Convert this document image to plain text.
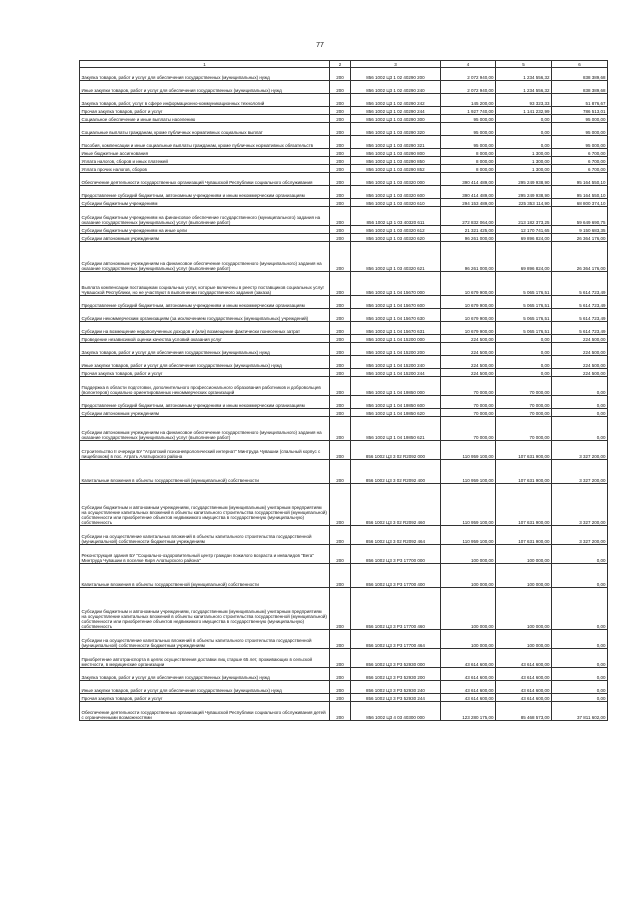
77
1	2	3	4	5	6
Закупка товаров, работ и услуг для обеспечения государственных (муниципальных) нужд	200	856 1002 Ц3 1 02 40290 200	2 072 940,00	1 234 556,32	838 389,68
Иные закупки товаров, работ и услуг для обеспечения государственных (муниципальных) нужд	200	856 1002 Ц3 1 02 40290 240	2 072 940,00	1 234 556,32	838 389,68
Закупка товаров, работ, услуг в сфере информационно-коммуникационных технологий	200	856 1002 Ц3 1 02 40290 242	145 200,00	93 323,33	51 876,67
Прочая закупка товаров, работ и услуг	200	856 1002 Ц3 1 02 40290 244	1 927 740,00	1 141 232,99	786 513,01
Социальное обеспечение и иные выплаты населению	200	856 1002 Ц3 1 03 40290 300	95 000,00	0,00	95 000,00
Социальные выплаты гражданам, кроме публичных нормативных социальных выплат	200	856 1002 Ц3 1 03 40290 320	95 000,00	0,00	95 000,00
Пособия, компенсации и иные социальные выплаты гражданам, кроме публичных нормативных обязательств	200	856 1002 Ц3 1 03 40290 321	95 000,00	0,00	95 000,00
Иные бюджетные ассигнования	200	856 1002 Ц3 1 03 40290 800	8 000,00	1 300,00	6 700,00
Уплата налогов, сборов и иных платежей	200	856 1002 Ц3 1 03 40290 850	8 000,00	1 300,00	6 700,00
Уплата прочих налогов, сборов	200	856 1002 Ц3 1 03 40290 852	8 000,00	1 300,00	6 700,00
Обеспечение деятельности государственных организаций Чувашской Республики социального обслуживания	200	856 1002 Ц3 1 03 40320 000	390 414 489,00	295 249 938,90	95 164 550,10
Предоставление субсидий бюджетным, автономным учреждениям и иным некоммерческим организациям	200	856 1002 Ц3 1 03 40320 600	390 414 489,00	295 249 938,90	95 164 550,10
Субсидии бюджетным учреждениям	200	856 1002 Ц3 1 03 40320 610	294 153 489,00	225 353 114,90	68 800 374,10
Субсидии бюджетным учреждениям на финансовое обеспечение государственного (муниципального) задания на оказание государственных (муниципальных) услуг (выполнение работ)	200	856 1002 Ц3 1 03 40320 611	272 832 064,00	213 182 373,25	59 649 690,75
Субсидии бюджетным учреждениям на иные цели	200	856 1002 Ц3 1 03 40320 612	21 321 425,00	12 170 741,65	9 150 683,35
Субсидии автономным учреждениям	200	856 1002 Ц3 1 03 40320 620	96 261 000,00	69 896 824,00	26 364 176,00
Субсидии автономным учреждениям на финансовое обеспечение государственного (муниципального) задания на оказание государственных (муниципальных) услуг (выполнение работ)	200	856 1002 Ц3 1 03 40320 621	96 261 000,00	69 896 824,00	26 364 176,00
Выплата компенсации поставщикам социальных услуг, которые включены в реестр поставщиков социальных услуг Чувашской Республики, но не участвуют в выполнении государственного задания (заказа)	200	856 1002 Ц3 1 04 15670 000	10 679 900,00	5 065 176,51	5 614 723,49
Предоставление субсидий бюджетным, автономным учреждениям и иным некоммерческим организациям	200	856 1002 Ц3 1 04 15670 600	10 679 900,00	5 065 176,51	5 614 723,49
Субсидии некоммерческим организациям (за исключением государственных (муниципальных) учреждений)	200	856 1002 Ц3 1 04 15670 630	10 679 900,00	5 065 176,51	5 614 723,49
Субсидии на возмещение недополученных доходов и (или) возмещение фактически понесенных затрат	200	856 1002 Ц3 1 04 15670 631	10 679 900,00	5 065 176,51	5 614 723,49
Проведение независимой оценки качества условий оказания услуг	200	856 1002 Ц3 1 04 15200 000	224 500,00	0,00	224 500,00
Закупка товаров, работ и услуг для обеспечения государственных (муниципальных) нужд	200	856 1002 Ц3 1 04 15200 200	224 500,00	0,00	224 500,00
Иные закупки товаров, работ и услуг для обеспечения государственных (муниципальных) нужд	200	856 1002 Ц3 1 04 15200 240	224 500,00	0,00	224 500,00
Прочая закупка товаров, работ и услуг	200	856 1002 Ц3 1 04 15200 244	224 500,00	0,00	224 500,00
Поддержка в области подготовки, дополнительного профессионального образования работников и добровольцев (волонтеров) социально ориентированных некоммерческих организаций	200	856 1002 Ц3 1 04 19850 000	70 000,00	70 000,00	0,00
Предоставление субсидий бюджетным, автономным учреждениям и иным некоммерческим организациям	200	856 1002 Ц3 1 04 19850 600	70 000,00	70 000,00	0,00
Субсидии автономным учреждениям	200	856 1002 Ц3 1 04 19850 620	70 000,00	70 000,00	0,00
Субсидии автономным учреждениям на финансовое обеспечение государственного (муниципального) задания на оказание государственных (муниципальных) услуг (выполнение работ)	200	856 1002 Ц3 1 04 19850 621	70 000,00	70 000,00	0,00
Строительство II очереди БУ "Атратский психоневрологический интернат" Минтруда Чувашии (спальный корпус с пищеблоком) в пос. Атрать Алатырского района	200	856 1002 Ц3 3 02 R2092 000	110 959 100,00	107 631 900,00	3 327 200,00
Капитальные вложения в объекты государственной (муниципальной) собственности	200	856 1002 Ц3 3 02 R2092 400	110 959 100,00	107 631 900,00	3 327 200,00
Субсидии бюджетным и автономным учреждениям, государственным (муниципальным) унитарным предприятиям на осуществление капитальных вложений в объекты капитального строительства государственной (муниципальной) собственности или приобретение объектов недвижимого имущества в государственную (муниципальную) собственность	200	856 1002 Ц3 3 02 R2092 460	110 959 100,00	107 631 900,00	3 327 200,00
Субсидии на осуществление капитальных вложений в объекты капитального строительства государственной (муниципальной) собственности бюджетным учреждениям	200	856 1002 Ц3 3 02 R2092 464	110 959 100,00	107 631 900,00	3 327 200,00
Реконструкция здания БУ "Социально-оздоровительный центр граждан пожилого возраста и инвалидов "Вега" Минтруда Чувашии в поселке Киря Алатырского района"	200	856 1002 Ц3 3 P3 17700 000	100 000,00	100 000,00	0,00
Капитальные вложения в объекты государственной (муниципальной) собственности	200	856 1002 Ц3 3 P3 17700 400	100 000,00	100 000,00	0,00
Субсидии бюджетным и автономным учреждениям, государственным (муниципальным) унитарным предприятиям на осуществление капитальных вложений в объекты капитального строительства государственной (муниципальной) собственности или приобретение объектов недвижимого имущества в государственную (муниципальную) собственность	200	856 1002 Ц3 3 P3 17700 460	100 000,00	100 000,00	0,00
Субсидии на осуществление капитальных вложений в объекты капитального строительства государственной (муниципальной) собственности бюджетным учреждениям	200	856 1002 Ц3 3 P3 17700 464	100 000,00	100 000,00	0,00
Приобретение автотранспорта в целях осуществления доставки лиц старше 65 лет, проживающих в сельской местности, в медицинские организации	200	856 1002 Ц3 3 P3 52930 000	43 614 600,00	43 614 600,00	0,00
Закупка товаров, работ и услуг для обеспечения государственных (муниципальных) нужд	200	856 1002 Ц3 3 P3 52930 200	43 614 600,00	43 614 600,00	0,00
Иные закупки товаров, работ и услуг для обеспечения государственных (муниципальных) нужд	200	856 1002 Ц3 3 P3 52930 240	43 614 600,00	43 614 600,00	0,00
Прочая закупка товаров, работ и услуг	200	856 1002 Ц3 3 P3 52930 244	43 614 600,00	43 614 600,00	0,00
Обеспечение деятельности государственных организаций Чувашской Республики социального обслуживания детей с ограниченными возможностями	200	856 1002 Ц3 4 03 40300 000	123 280 175,00	85 468 573,00	37 811 602,00
